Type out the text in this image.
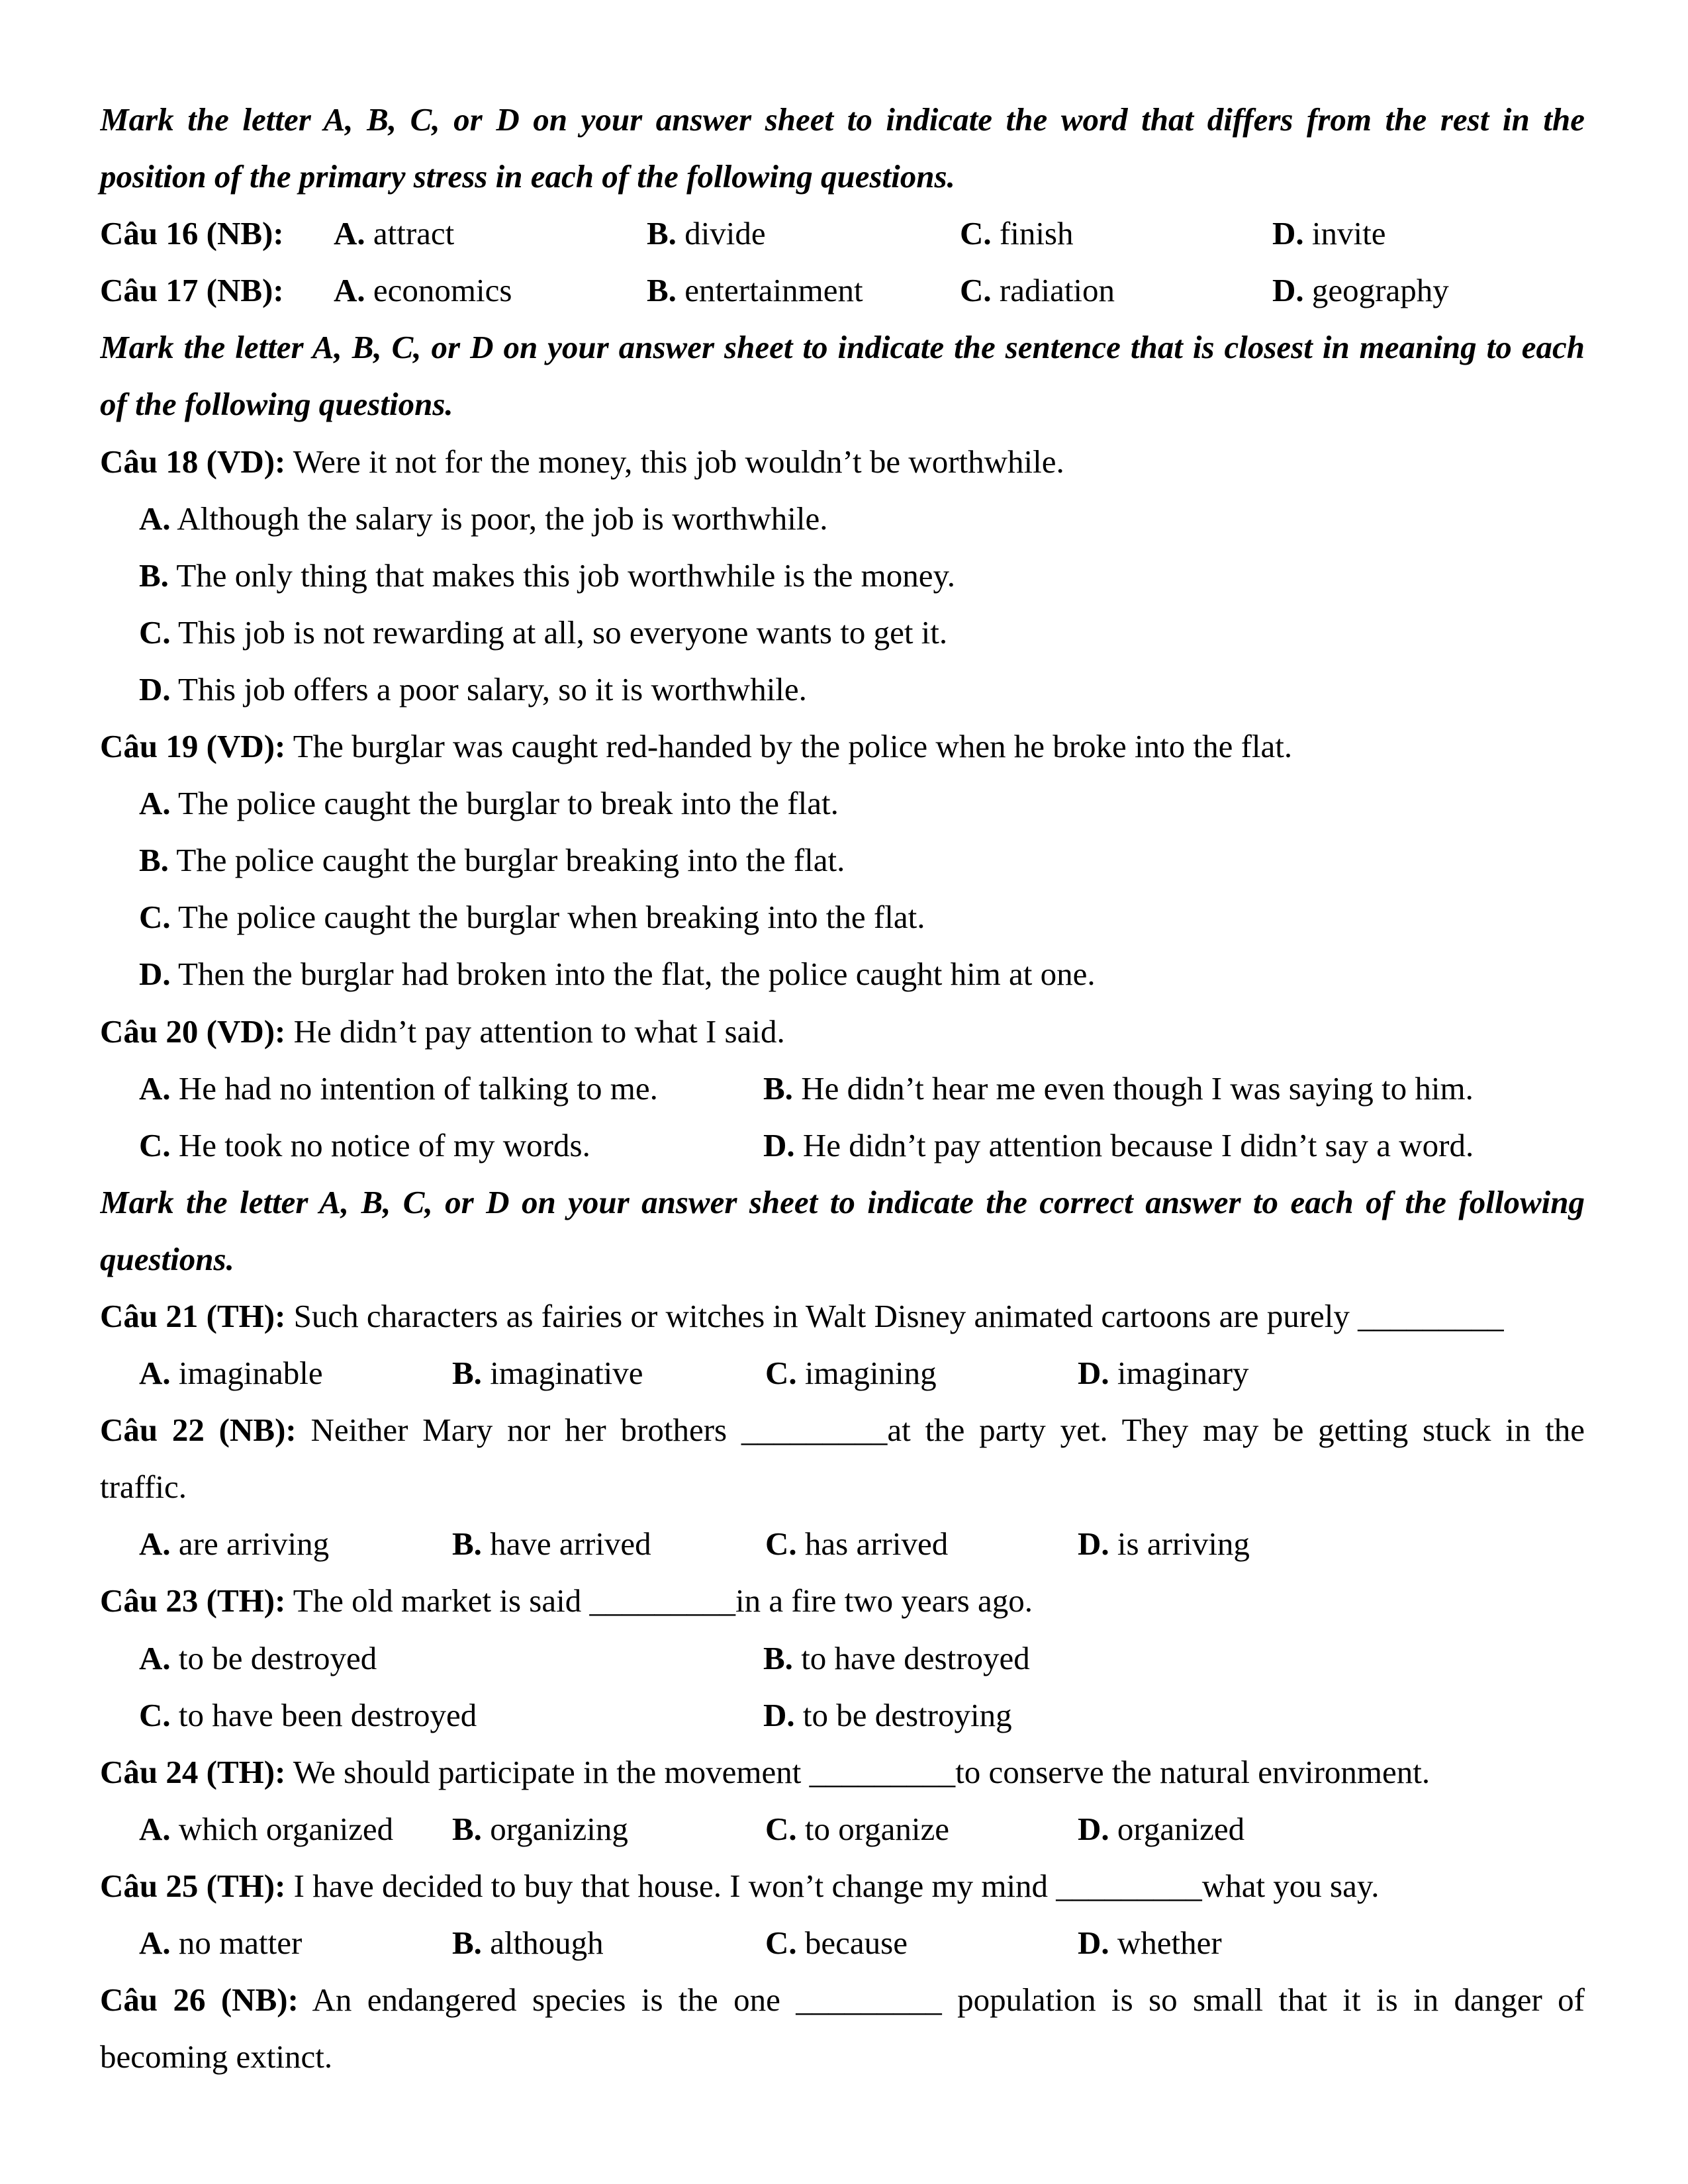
Mark the letter A, B, C, or D on your answer sheet to indicate the word that differs from the rest in the
position of the primary stress in each of the following questions.
Câu 16 (NB): A. attract	B. divide	C. finish	D. invite
Câu 17 (NB): A. economics	B. entertainment	C. radiation	D. geography
Mark the letter A, B, C, or D on your answer sheet to indicate the sentence that is closest in meaning to each
of the following questions.
Câu 18 (VD): Were it not for the money, this job wouldn’t be worthwhile.
A. Although the salary is poor, the job is worthwhile.
B. The only thing that makes this job worthwhile is the money.
C. This job is not rewarding at all, so everyone wants to get it.
D. This job offers a poor salary, so it is worthwhile.
Câu 19 (VD): The burglar was caught red-handed by the police when he broke into the flat.
A. The police caught the burglar to break into the flat.
B. The police caught the burglar breaking into the flat.
C. The police caught the burglar when breaking into the flat.
D. Then the burglar had broken into the flat, the police caught him at one.
Câu 20 (VD): He didn’t pay attention to what I said.
A. He had no intention of talking to me.	B. He didn’t hear me even though I was saying to him.
C. He took no notice of my words.	D. He didn’t pay attention because I didn’t say a word.
Mark the letter A, B, C, or D on your answer sheet to indicate the correct answer to each of the following
questions.
Câu 21 (TH): Such characters as fairies or witches in Walt Disney animated cartoons are purely _________
A. imaginable	B. imaginative	C. imagining	D. imaginary
Câu 22 (NB): Neither Mary nor her brothers _________at the party yet. They may be getting stuck in the
traffic.
A. are arriving	B. have arrived	C. has arrived	D. is arriving
Câu 23 (TH): The old market is said _________in a fire two years ago.
A. to be destroyed	B. to have destroyed
C. to have been destroyed	D. to be destroying
Câu 24 (TH): We should participate in the movement _________to conserve the natural environment.
A. which organized B. organizing	C. to organize	D. organized
Câu 25 (TH): I have decided to buy that house. I won’t change my mind _________what you say.
A. no matter	B. although	C. because	D. whether
Câu 26 (NB): An endangered species is the one _________ population is so small that it is in danger of
becoming extinct.
